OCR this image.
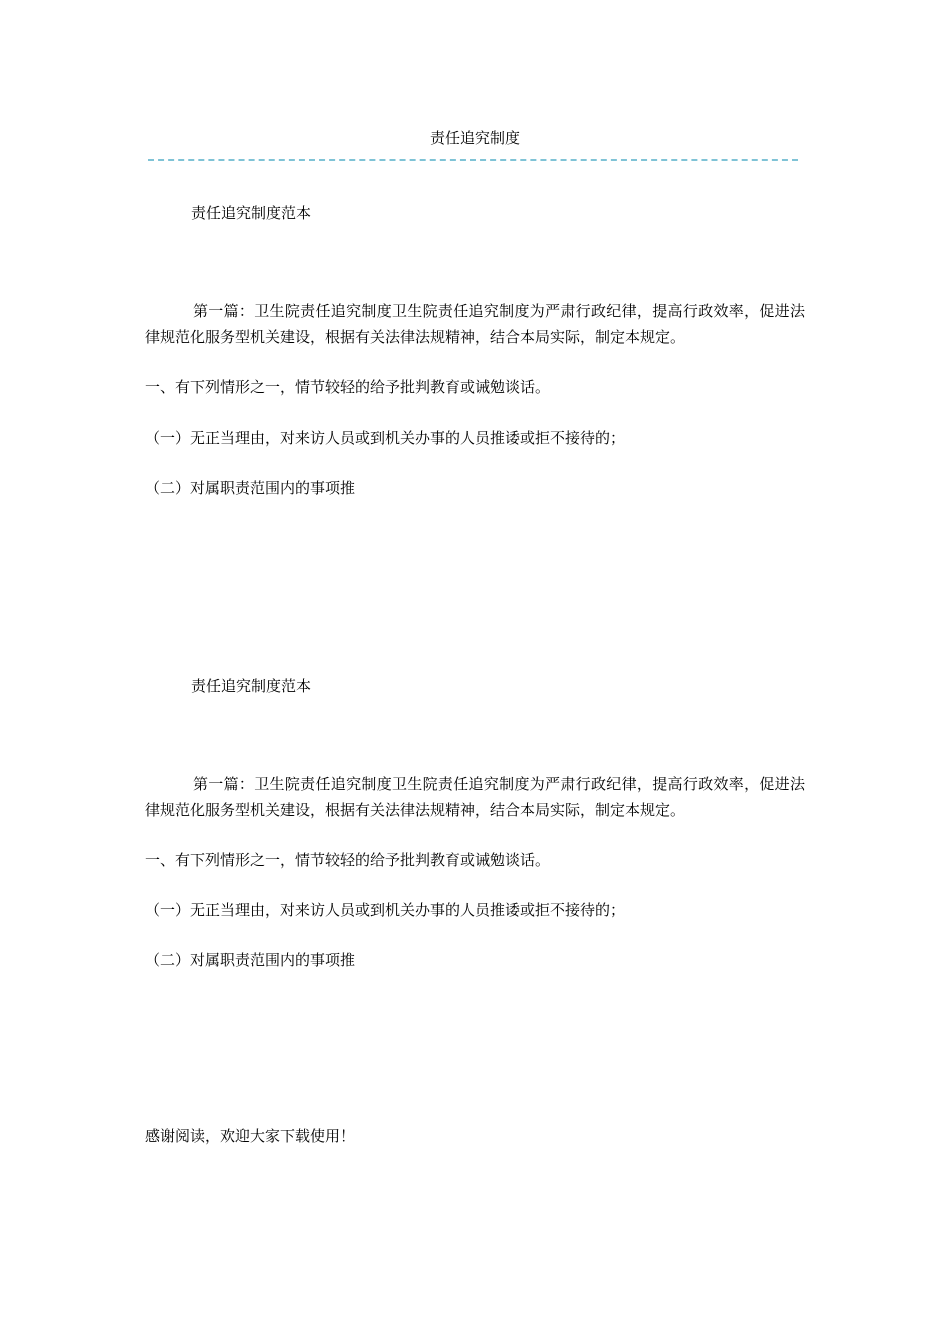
责任追究制度
责任追究制度范本
第一篇：卫生院责任追究制度卫生院责任追究制度为严肃行政纪律，提高行政效率，促进法律规范化服务型机关建设，根据有关法律法规精神，结合本局实际，制定本规定。
一、有下列情形之一，情节较轻的给予批判教育或诫勉谈话。
（一）无正当理由，对来访人员或到机关办事的人员推诿或拒不接待的；
（二）对属职责范围内的事项推
责任追究制度范本
第一篇：卫生院责任追究制度卫生院责任追究制度为严肃行政纪律，提高行政效率，促进法律规范化服务型机关建设，根据有关法律法规精神，结合本局实际，制定本规定。
一、有下列情形之一，情节较轻的给予批判教育或诫勉谈话。
（一）无正当理由，对来访人员或到机关办事的人员推诿或拒不接待的；
（二）对属职责范围内的事项推
感谢阅读，欢迎大家下载使用！
